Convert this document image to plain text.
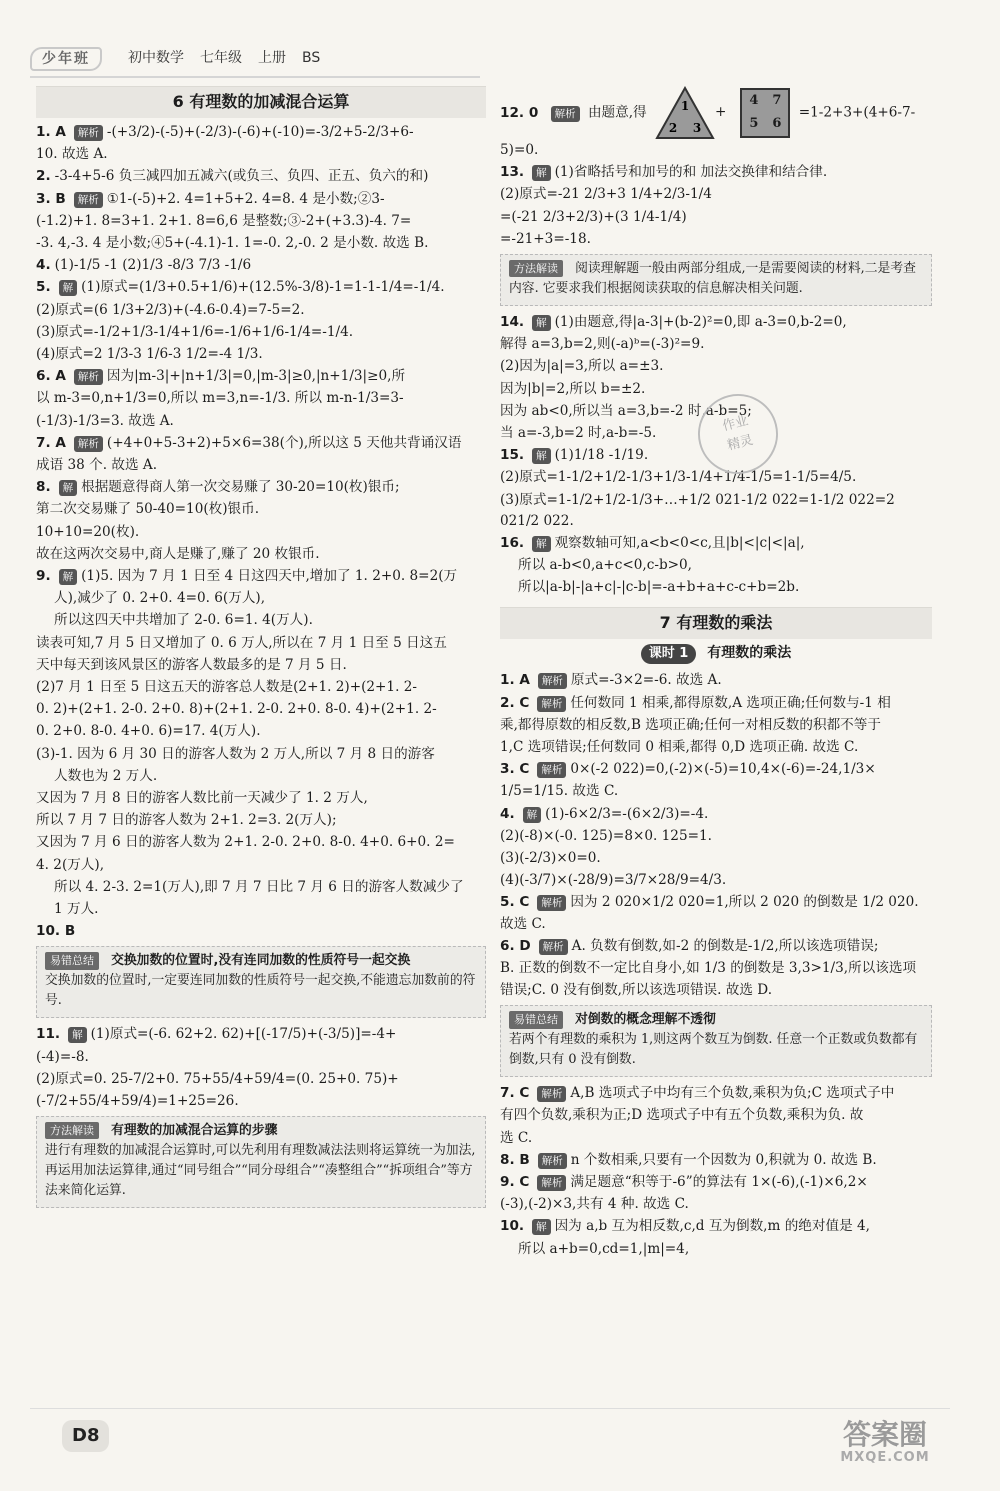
少年班	初中数学 七年级 上册 BS
6 有理数的加减混合运算
1. A 解析 -(+3/2)-(-5)+(-2/3)-(-6)+(-10)=-3/2+5-2/3+6-
10. 故选 A.
2. -3-4+5-6 负三减四加五减六(或负三、负四、正五、负六的和)
3. B 解析 ①1-(-5)+2. 4=1+5+2. 4=8. 4 是小数;②3-
(-1.2)+1. 8=3+1. 2+1. 8=6,6 是整数;③-2+(+3.3)-4. 7=
-3. 4,-3. 4 是小数;④5+(-4.1)-1. 1=-0. 2,-0. 2 是小数. 故选 B.
4. (1)-1/5 -1 (2)1/3 -8/3 7/3 -1/6
5. 解 (1)原式=(1/3+0.5+1/6)+(12.5%-3/8)-1=1-1-1/4=-1/4.
(2)原式=(6 1/3+2/3)+(-4.6-0.4)=7-5=2.
(3)原式=-1/2+1/3-1/4+1/6=-1/6+1/6-1/4=-1/4.
(4)原式=2 1/3-3 1/6-3 1/2=-4 1/3.
6. A 解析 因为|m-3|+|n+1/3|=0,|m-3|≥0,|n+1/3|≥0,所
以 m-3=0,n+1/3=0,所以 m=3,n=-1/3. 所以 m-n-1/3=3-
(-1/3)-1/3=3. 故选 A.
7. A 解析 (+4+0+5-3+2)+5×6=38(个),所以这 5 天他共背诵汉语
成语 38 个. 故选 A.
8. 解 根据题意得商人第一次交易赚了 30-20=10(枚)银币;
第二次交易赚了 50-40=10(枚)银币.
10+10=20(枚).
故在这两次交易中,商人是赚了,赚了 20 枚银币.
9. 解 (1)5. 因为 7 月 1 日至 4 日这四天中,增加了 1. 2+0. 8=2(万
人),减少了 0. 2+0. 4=0. 6(万人),
所以这四天中共增加了 2-0. 6=1. 4(万人).
读表可知,7 月 5 日又增加了 0. 6 万人,所以在 7 月 1 日至 5 日这五
天中每天到该风景区的游客人数最多的是 7 月 5 日.
(2)7 月 1 日至 5 日这五天的游客总人数是(2+1. 2)+(2+1. 2-
0. 2)+(2+1. 2-0. 2+0. 8)+(2+1. 2-0. 2+0. 8-0. 4)+(2+1. 2-
0. 2+0. 8-0. 4+0. 6)=17. 4(万人).
(3)-1. 因为 6 月 30 日的游客人数为 2 万人,所以 7 月 8 日的游客
人数也为 2 万人.
又因为 7 月 8 日的游客人数比前一天减少了 1. 2 万人,
所以 7 月 7 日的游客人数为 2+1. 2=3. 2(万人);
又因为 7 月 6 日的游客人数为 2+1. 2-0. 2+0. 8-0. 4+0. 6+0. 2=
4. 2(万人),
所以 4. 2-3. 2=1(万人),即 7 月 7 日比 7 月 6 日的游客人数减少了
1 万人.
10. B
易错总结 交换加数的位置时,没有连同加数的性质符号一起交换
交换加数的位置时,一定要连同加数的性质符号一起交换,不能遗忘加数前的符号.
11. 解 (1)原式=(-6. 62+2. 62)+[(-17/5)+(-3/5)]=-4+
(-4)=-8.
(2)原式=0. 25-7/2+0. 75+55/4+59/4=(0. 25+0. 75)+
(-7/2+55/4+59/4)=1+25=26.
方法解读 有理数的加减混合运算的步骤
进行有理数的加减混合运算时,可以先利用有理数减法法则将运算统一为加法,再运用加法运算律,通过“同号组合”“同分母组合”“凑整组合”“拆项组合”等方法来简化运算.
12. 0 解析 由题意,得	1
2 3
+
4	7
5	6
=1-2+3+(4+6-7-5)=0.
13. 解 (1)省略括号和加号的和 加法交换律和结合律.
(2)原式=-21 2/3+3 1/4+2/3-1/4
=(-21 2/3+2/3)+(3 1/4-1/4)
=-21+3=-18.
方法解读 阅读理解题一般由两部分组成,一是需要阅读的材料,二是考查内容. 它要求我们根据阅读获取的信息解决相关问题.
14. 解 (1)由题意,得|a-3|+(b-2)²=0,即 a-3=0,b-2=0,
解得 a=3,b=2,则(-a)ᵇ=(-3)²=9.
(2)因为|a|=3,所以 a=±3.
因为|b|=2,所以 b=±2.
因为 ab<0,所以当 a=3,b=-2 时,a-b=5;
当 a=-3,b=2 时,a-b=-5.
15. 解 (1)1/18 -1/19.
(2)原式=1-1/2+1/2-1/3+1/3-1/4+1/4-1/5=1-1/5=4/5.
(3)原式=1-1/2+1/2-1/3+…+1/2 021-1/2 022=1-1/2 022=2 021/2 022.
16. 解 观察数轴可知,a<b<0<c,且|b|<|c|<|a|,
所以 a-b<0,a+c<0,c-b>0,
所以|a-b|-|a+c|-|c-b|=-a+b+a+c-c+b=2b.
7 有理数的乘法
课时 1 有理数的乘法
1. A 解析 原式=-3×2=-6. 故选 A.
2. C 解析 任何数同 1 相乘,都得原数,A 选项正确;任何数与-1 相
乘,都得原数的相反数,B 选项正确;任何一对相反数的积都不等于
1,C 选项错误;任何数同 0 相乘,都得 0,D 选项正确. 故选 C.
3. C 解析 0×(-2 022)=0,(-2)×(-5)=10,4×(-6)=-24,1/3×
1/5=1/15. 故选 C.
4. 解 (1)-6×2/3=-(6×2/3)=-4.
(2)(-8)×(-0. 125)=8×0. 125=1.
(3)(-2/3)×0=0.
(4)(-3/7)×(-28/9)=3/7×28/9=4/3.
5. C 解析 因为 2 020×1/2 020=1,所以 2 020 的倒数是 1/2 020. 故选 C.
6. D 解析 A. 负数有倒数,如-2 的倒数是-1/2,所以该选项错误;
B. 正数的倒数不一定比自身小,如 1/3 的倒数是 3,3>1/3,所以该选项
错误;C. 0 没有倒数,所以该选项错误. 故选 D.
易错总结 对倒数的概念理解不透彻
若两个有理数的乘积为 1,则这两个数互为倒数. 任意一个正数或负数都有倒数,只有 0 没有倒数.
7. C 解析 A,B 选项式子中均有三个负数,乘积为负;C 选项式子中
有四个负数,乘积为正;D 选项式子中有五个负数,乘积为负. 故
选 C.
8. B 解析 n 个数相乘,只要有一个因数为 0,积就为 0. 故选 B.
9. C 解析 满足题意“积等于-6”的算法有 1×(-6),(-1)×6,2×
(-3),(-2)×3,共有 4 种. 故选 C.
10. 解 因为 a,b 互为相反数,c,d 互为倒数,m 的绝对值是 4,
所以 a+b=0,cd=1,|m|=4,
作业
精灵
D8	答案圈
MXQE.COM
